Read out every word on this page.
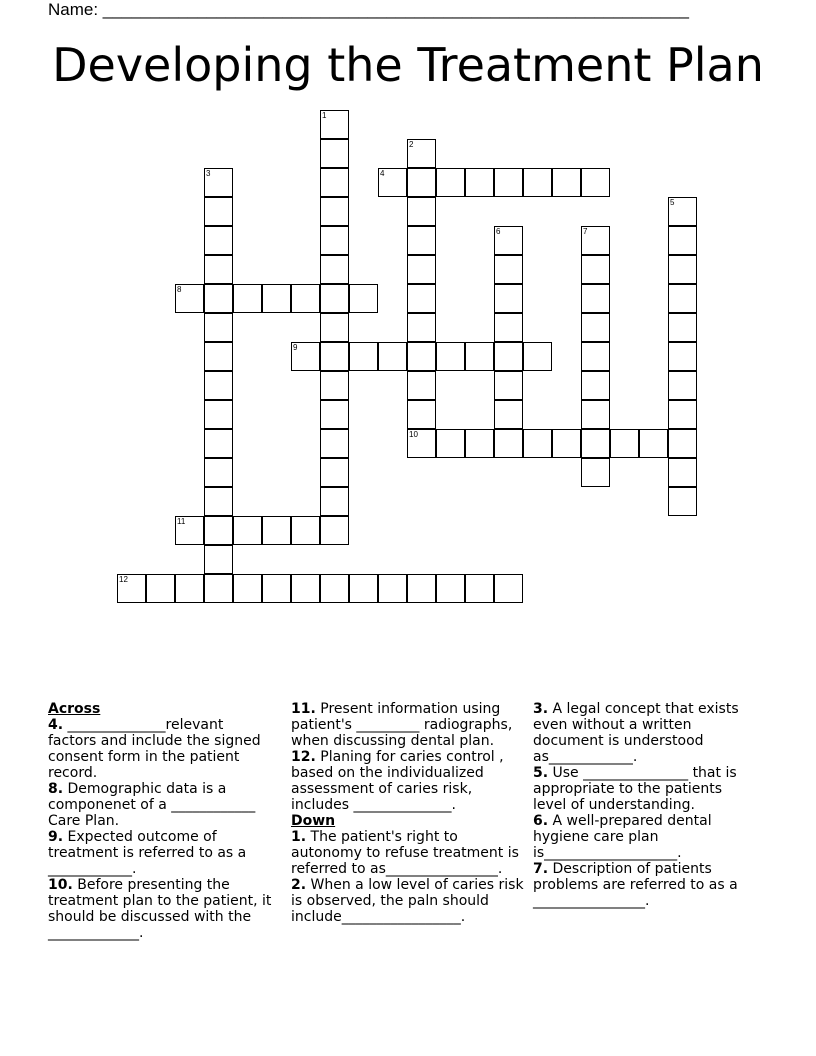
Name: ______________________________________________________________
Developing the Treatment Plan
1
2
10
3	4
5
6	7
8
9
11
12
Across
4. ______________relevant factors and include the signed consent form in the patient record.
8. Demographic data is a componenet of a ____________ Care Plan.
9. Expected outcome of treatment is referred to as a ____________.
10. Before presenting the treatment plan to the patient, it should be discussed with the _____________.
11. Present information using patient's _________ radiographs, when discussing dental plan.
12. Planing for caries control , based on the individualized assessment of caries risk, includes ______________.
Down
1. The patient's right to autonomy to refuse treatment is referred to as________________.
2. When a low level of caries risk is observed, the paln should include_________________.
3. A legal concept that exists even without a written document is understood as____________.
5. Use _______________ that is appropriate to the patients level of understanding.
6. A well-prepared dental hygiene care plan is___________________.
7. Description of patients problems are referred to as a ________________.
